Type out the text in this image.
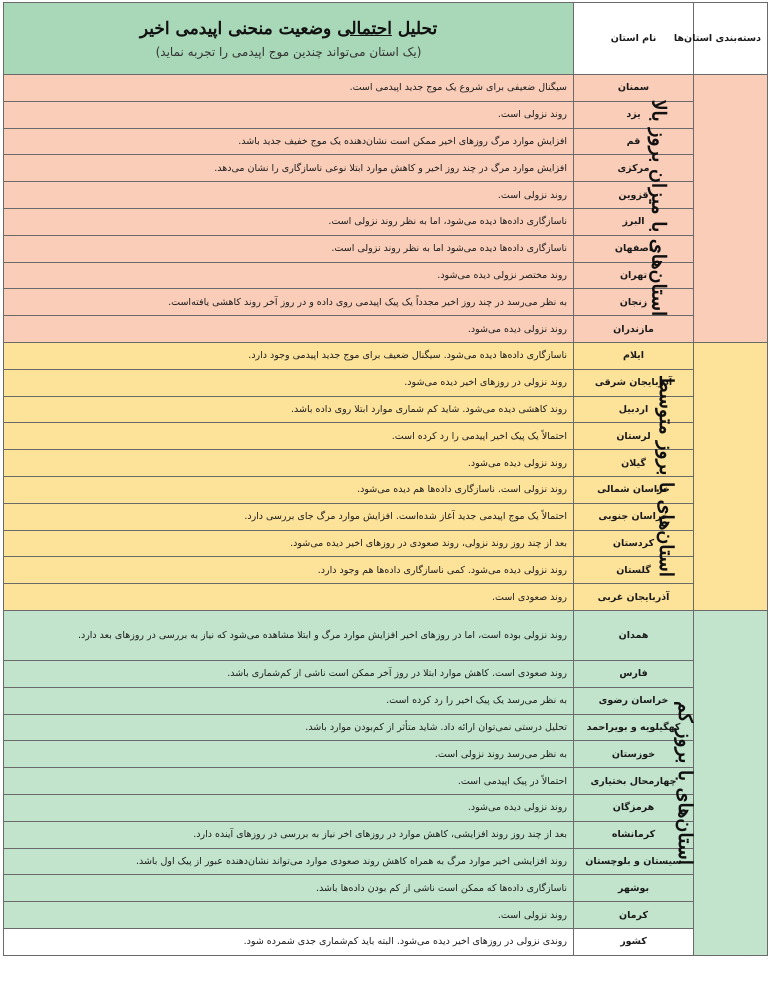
دسته‌بندی استان‌ها	نام استان	تحلیل احتمالی وضعیت منحنی اپیدمی اخیر
(یک استان می‌تواند چندین موج اپیدمی را تجربه نماید)

استان‌های با میزان بروز بالا	سمنان	سیگنال ضعیفی برای شروع یک موج جدید اپیدمی است.
	یزد	روند نزولی است.
	قم	افزایش موارد مرگ روزهای اخیر ممکن است نشان‌دهنده یک موج خفیف جدید باشد.
	مرکزی	افزایش موارد مرگ در چند روز اخیر و کاهش موارد ابتلا نوعی ناسازگاری را نشان می‌دهد.
	قزوین	روند نزولی است.
	البرز	ناسازگاری داده‌ها دیده می‌شود، اما به نظر روند نزولی است.
	اصفهان	ناسازگاری داده‌ها دیده می‌شود اما به نظر روند نزولی است.
	تهران	روند مختصر نزولی دیده می‌شود.
	زنجان	به نظر می‌رسد در چند روز اخیر مجدداً یک پیک اپیدمی روی داده و در روز آخر روند کاهشی یافته‌است.
	مازندران	روند نزولی دیده می‌شود.
استان‌های با بروز متوسط	ایلام	ناسازگاری داده‌ها دیده می‌شود. سیگنال ضعیف برای موج جدید اپیدمی وجود دارد.
	آذربایجان شرقی	روند نزولی در روزهای اخیر دیده می‌شود.
	اردبیل	روند کاهشی دیده می‌شود. شاید کم شماری موارد ابتلا روی داده باشد.
	لرستان	احتمالاً یک پیک اخیر اپیدمی را رد کرده است.
	گیلان	روند نزولی دیده می‌شود.
	خراسان شمالی	روند نزولی است. ناسازگاری داده‌ها هم دیده می‌شود.
	خراسان جنوبی	احتمالاً یک موج اپیدمی جدید آغاز شده‌است. افزایش موارد مرگ جای بررسی دارد.
	کردستان	بعد از چند روز روند نزولی، روند صعودی در روزهای اخیر دیده می‌شود.
	گلستان	روند نزولی دیده می‌شود. کمی ناسازگاری داده‌ها هم وجود دارد.
	آذربایجان غربی	روند صعودی است.
استان‌های با بروز کم	همدان	روند نزولی بوده است، اما در روزهای اخیر افزایش موارد مرگ و ابتلا مشاهده می‌شود که نیاز به بررسی در روزهای بعد دارد.
	فارس	روند صعودی است. کاهش موارد ابتلا در روز آخر ممکن است ناشی از کم‌شماری باشد.
	خراسان رضوی	به نظر می‌رسد یک پیک اخیر را رد کرده است.
	کهگیلویه و بویراحمد	تحلیل درستی نمی‌توان ارائه داد. شاید متأثر از کم‌بودن موارد باشد.
	خوزستان	به نظر می‌رسد روند نزولی است.
	چهارمحال بختیاری	احتمالاً در پیک اپیدمی است.
	هرمزگان	روند نزولی دیده می‌شود.
	کرمانشاه	بعد از چند روز روند افزایشی، کاهش موارد در روزهای اخر نیاز به بررسی در روزهای آینده دارد.
	سیستان و بلوچستان	روند افزایشی اخیر موارد مرگ به همراه کاهش روند صعودی موارد می‌تواند نشان‌دهنده عبور از پیک اول باشد.
	بوشهر	ناسازگاری داده‌ها که ممکن است ناشی از کم بودن داده‌ها باشد.
	کرمان	روند نزولی است.
	کشور	روندی نزولی در روزهای اخیر دیده می‌شود. البته باید کم‌شماری جدی شمرده شود.
